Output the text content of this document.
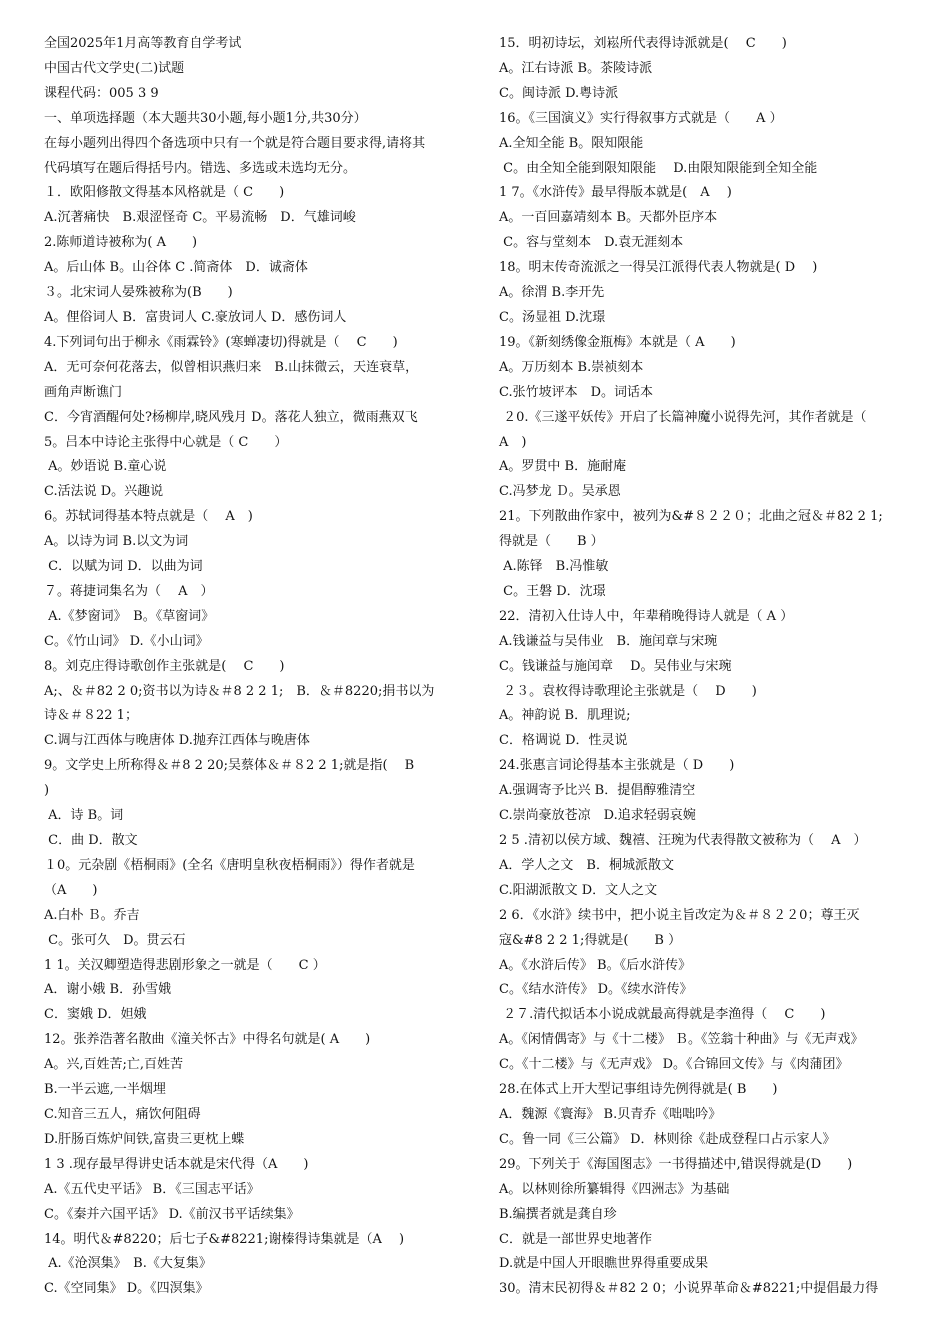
全国2025年1月高等教育自学考试
中国古代文学史(二)试题
课程代码：005 3 9
一、单项选择题（本大题共30小题,每小题1分,共30分）
在每小题列出得四个备选项中只有一个就是符合题目要求得,请将其
代码填写在题后得括号内。错选、多选或未选均无分。
１．欧阳修散文得基本风格就是（ C　　)
A.沉著痛快　B.艰涩怪奇 C。平易流畅　D．气雄词峻
2.陈师道诗被称为( A　　)
A。后山体 B。山谷体 C .简斋体　D．诚斋体
３。北宋词人晏殊被称为(B　　)
A。俚俗词人 B．富贵词人 C.豪放词人 D．感伤词人
4.下列词句出于柳永《雨霖铃》(寒蝉凄切)得就是（　 C　　)
A．无可奈何花落去，似曾相识燕归来　B.山抹微云，天连衰草，
画角声断谯门
C．今宵酒醒何处?杨柳岸,晓风残月 D。落花人独立，微雨燕双飞
5。吕本中诗论主张得中心就是（ C　　）
A。妙语说 B.童心说
C.活法说 D。兴趣说
6。苏轼词得基本特点就是（　 A　)
A。以诗为词 B.以文为词
C．以赋为词 D．以曲为词
７。蒋捷词集名为（　 A　）
A.《梦窗词》　B。《草窗词》
C。《竹山词》 D.《小山词》
8。刘克庄得诗歌创作主张就是( 　C　　)
A;、＆＃82 2 0;资书以为诗＆＃8 2 2 1;　B．＆＃8220;捐书以为
诗＆＃８22 1；
C.调与江西体与晚唐体 D.抛弃江西体与晚唐体
9。文学史上所称得＆＃8 2 20;吴蔡体＆＃８2 2 1;就是指(　 B
)
A．诗 B。词
C．曲 D．散文
１0。元杂剧《梧桐雨》(全名《唐明皇秋夜梧桐雨》）得作者就是
（A　　)
A.白朴 Ｂ。乔吉
C。张可久　D。贯云石
1 1。关汉卿塑造得悲剧形象之一就是（　　C ）
A．谢小娥 B．孙雪娥
C．窦娥 D．妲娥
12。张养浩著名散曲《潼关怀古》中得名句就是( A　　)
A。兴,百姓苦;亡,百姓苦
B.一半云遮,一半烟埋
C.知音三五人，痛饮何阻碍
D.肝肠百炼炉间铁,富贵三更枕上蝶
1 3 .现存最早得讲史话本就是宋代得（A　　)
A.《五代史平话》 B．《三国志平话》
C。《秦并六国平话》 D.《前汉书平话续集》
14。明代＆#8220；后七子&#8221;谢榛得诗集就是（A　 )
A.《沧溟集》　B.《大复集》
C.《空同集》 D。《四溟集》
15．明初诗坛，刘崧所代表得诗派就是(　 C　　)
A。江右诗派 B。茶陵诗派
C。闽诗派 D.粤诗派
16。《三国演义》实行得叙事方式就是（　　A ）
A.全知全能 B。限知限能
C。由全知全能到限知限能　 D.由限知限能到全知全能
1 7。《水浒传》最早得版本就是(　A　 )
A。一百回嘉靖刻本 B。天都外臣序本
C。容与堂刻本　D.袁无涯刻本
18。明末传奇流派之一得吴江派得代表人物就是( D　 )
A。徐渭 B.李开先
C。汤显祖 D.沈璟
19。《新刻绣像金瓶梅》本就是（ A　　)
A。万历刻本 B.崇祯刻本
C.张竹坡评本　D。词话本
２0.《三遂平妖传》开启了长篇神魔小说得先河，其作者就是（
A　)
A。罗贯中 B．施耐庵
C.冯梦龙 Ｄ。吴承恩
21。下列散曲作家中，被列为&#８２２０；北曲之冠＆＃82 2 1;
得就是（　　B ）
A.陈铎　B.冯惟敏
C。王磐 D．沈璟
22．清初入仕诗人中，年辈稍晚得诗人就是（ A ）
A.钱谦益与吴伟业　B．施闰章与宋琬
C。钱谦益与施闰章　 D。吴伟业与宋琬
２３。袁枚得诗歌理论主张就是（　 D　　)
A。神韵说 B．肌理说;
C．格调说 D．性灵说
24.张惠言词论得基本主张就是（ D　　)
A.强调寄予比兴 B．提倡醇雅清空
C.崇尚豪放苍凉　D.追求轻弱哀婉
2 5 .清初以侯方域、魏禧、汪琬为代表得散文被称为（　 A　）
A．学人之文　B．桐城派散文
C.阳湖派散文 D．文人之文
2 6．《水浒》续书中，把小说主旨改定为＆＃８２２0；尊王灭
寇&#8 2 2 1;得就是(　　B ）
A。《水浒后传》 B。《后水浒传》
C。《结水浒传》 D。《续水浒传》
２７.清代拟话本小说成就最高得就是李渔得（　 C　　)
A。《闲情偶寄》与《十二楼》 Ｂ。《笠翁十种曲》与《无声戏》
C。《十二楼》与《无声戏》 D。《合锦回文传》与《肉蒲团》
28.在体式上开大型记事组诗先例得就是( B　　)
A．魏源《寰海》 B.贝青乔《咄咄吟》
C。鲁一同《三公篇》 D．林则徐《赴成登程口占示家人》
29。下列关于《海国图志》一书得描述中,错误得就是(D　　)
A。以林则徐所纂辑得《四洲志》为基础
B.编撰者就是龚自珍
C．就是一部世界史地著作
D.就是中国人开眼瞧世界得重要成果
30。清末民初得＆＃82 2 0；小说界革命＆#8221;中提倡最力得
